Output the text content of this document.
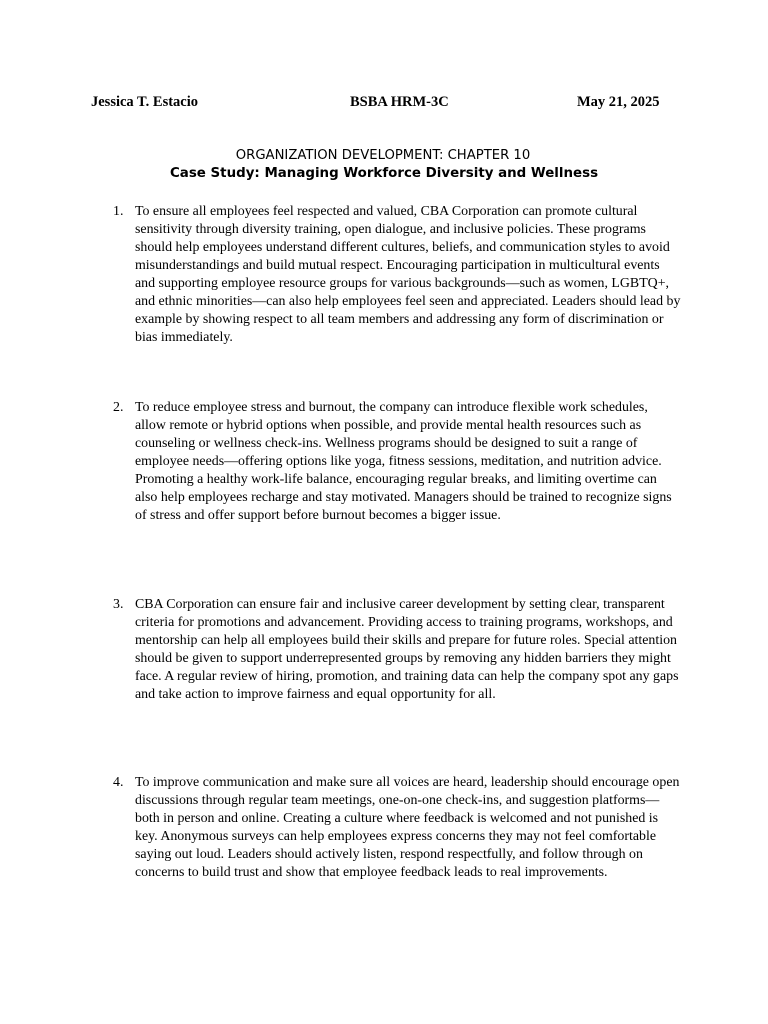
Jessica T. Estacio	BSBA HRM-3C	May 21, 2025
ORGANIZATION DEVELOPMENT: CHAPTER 10
Case Study: Managing Workforce Diversity and Wellness
1. To ensure all employees feel respected and valued, CBA Corporation can promote cultural sensitivity through diversity training, open dialogue, and inclusive policies. These programs should help employees understand different cultures, beliefs, and communication styles to avoid misunderstandings and build mutual respect. Encouraging participation in multicultural events and supporting employee resource groups for various backgrounds—such as women, LGBTQ+, and ethnic minorities—can also help employees feel seen and appreciated. Leaders should lead by example by showing respect to all team members and addressing any form of discrimination or bias immediately.
2. To reduce employee stress and burnout, the company can introduce flexible work schedules, allow remote or hybrid options when possible, and provide mental health resources such as counseling or wellness check-ins. Wellness programs should be designed to suit a range of employee needs—offering options like yoga, fitness sessions, meditation, and nutrition advice. Promoting a healthy work-life balance, encouraging regular breaks, and limiting overtime can also help employees recharge and stay motivated. Managers should be trained to recognize signs of stress and offer support before burnout becomes a bigger issue.
3. CBA Corporation can ensure fair and inclusive career development by setting clear, transparent criteria for promotions and advancement. Providing access to training programs, workshops, and mentorship can help all employees build their skills and prepare for future roles. Special attention should be given to support underrepresented groups by removing any hidden barriers they might face. A regular review of hiring, promotion, and training data can help the company spot any gaps and take action to improve fairness and equal opportunity for all.
4. To improve communication and make sure all voices are heard, leadership should encourage open discussions through regular team meetings, one-on-one check-ins, and suggestion platforms—both in person and online. Creating a culture where feedback is welcomed and not punished is key. Anonymous surveys can help employees express concerns they may not feel comfortable saying out loud. Leaders should actively listen, respond respectfully, and follow through on concerns to build trust and show that employee feedback leads to real improvements.
